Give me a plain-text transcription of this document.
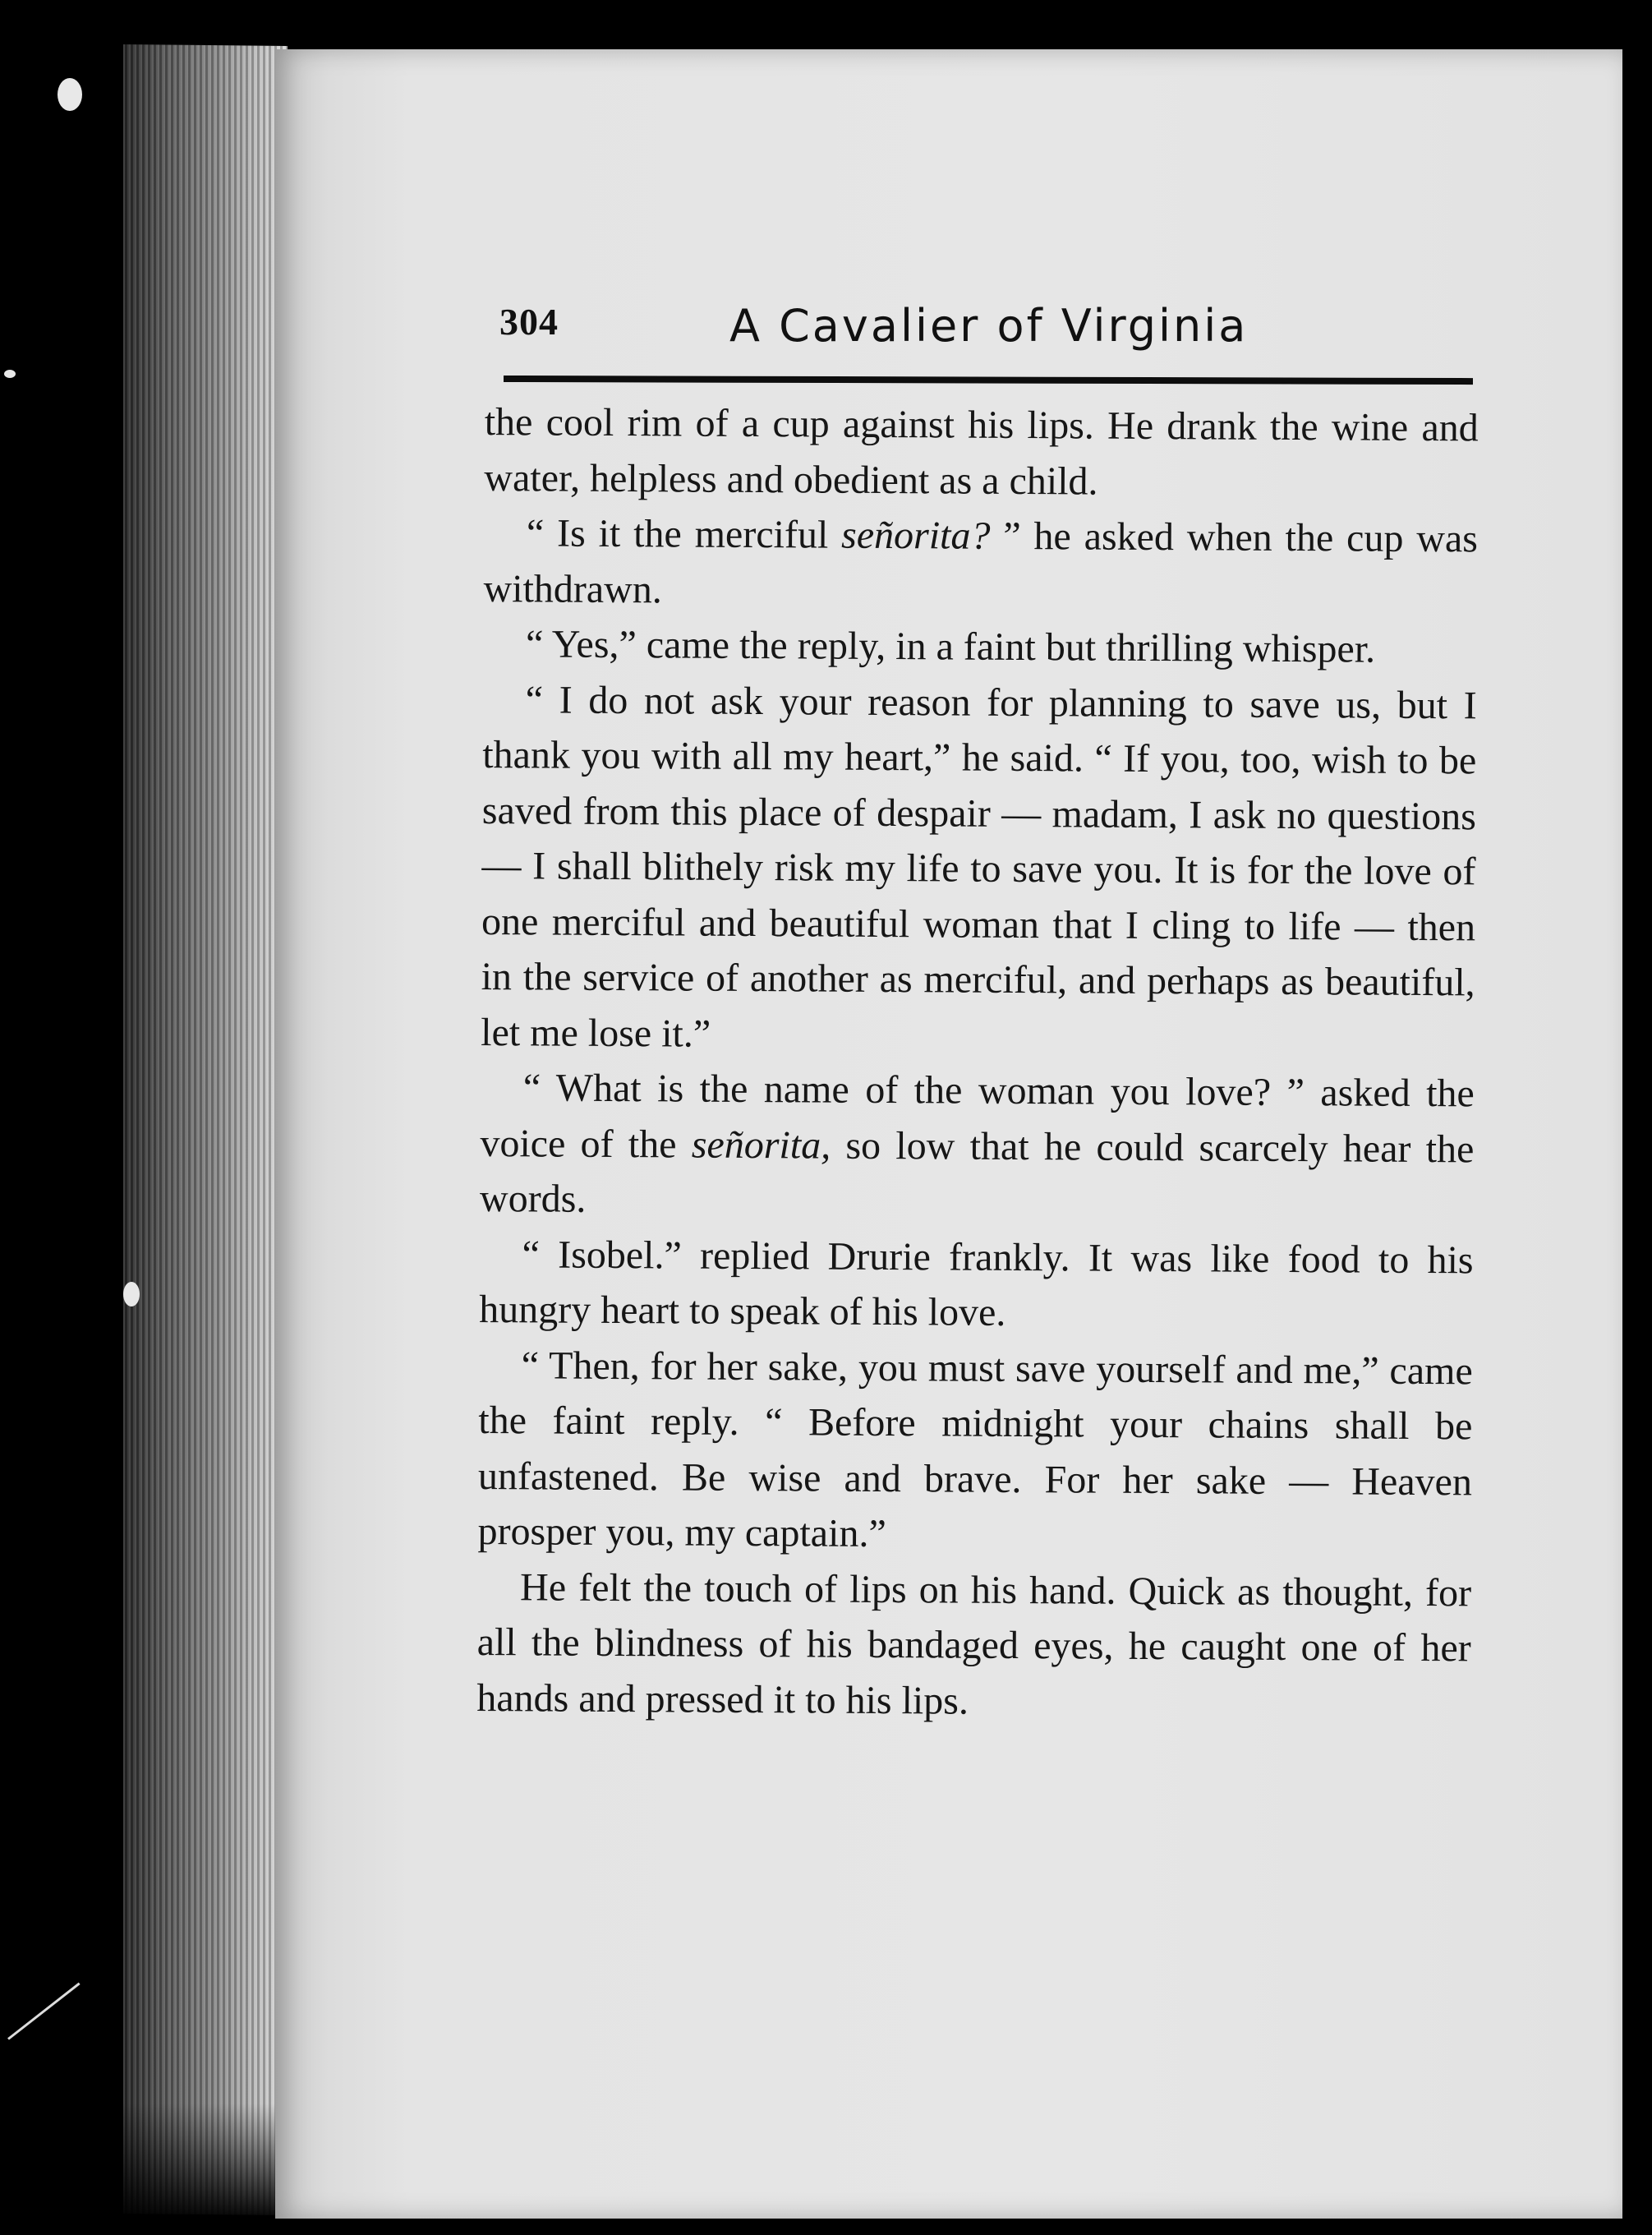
304	A Cavalier of Virginia

the cool rim of a cup against his lips. He drank the wine and water, helpless and obedient as a child.

“ Is it the merciful señorita? ” he asked when the cup was withdrawn.

“ Yes,” came the reply, in a faint but thrilling whisper.

“ I do not ask your reason for planning to save us, but I thank you with all my heart,” he said. “ If you, too, wish to be saved from this place of despair — madam, I ask no questions — I shall blithely risk my life to save you. It is for the love of one merciful and beautiful woman that I cling to life — then in the service of another as merciful, and perhaps as beautiful, let me lose it.”

“ What is the name of the woman you love? ” asked the voice of the señorita, so low that he could scarcely hear the words.

“ Isobel.” replied Drurie frankly. It was like food to his hungry heart to speak of his love.

“ Then, for her sake, you must save yourself and me,” came the faint reply. “ Before midnight your chains shall be unfastened. Be wise and brave. For her sake — Heaven prosper you, my captain.”

He felt the touch of lips on his hand. Quick as thought, for all the blindness of his bandaged eyes, he caught one of her hands and pressed it to his lips.
